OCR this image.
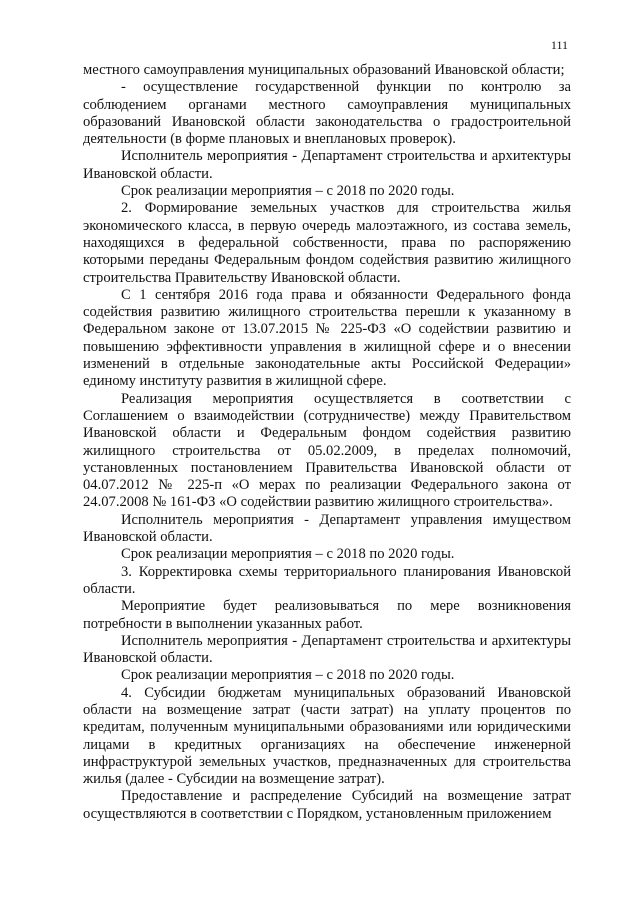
111

местного самоуправления муниципальных образований Ивановской области;

- осуществление государственной функции по контролю за соблюдением органами местного самоуправления муниципальных образований Ивановской области законодательства о градостроительной деятельности (в форме плановых и внеплановых проверок).

Исполнитель мероприятия - Департамент строительства и архитектуры Ивановской области.

Срок реализации мероприятия – с 2018 по 2020 годы.

2. Формирование земельных участков для строительства жилья экономического класса, в первую очередь малоэтажного, из состава земель, находящихся в федеральной собственности, права по распоряжению которыми переданы Федеральным фондом содействия развитию жилищного строительства Правительству Ивановской области.

С 1 сентября 2016 года права и обязанности Федерального фонда содействия развитию жилищного строительства перешли к указанному в Федеральном законе от 13.07.2015 № 225-ФЗ «О содействии развитию и повышению эффективности управления в жилищной сфере и о внесении изменений в отдельные законодательные акты Российской Федерации» единому институту развития в жилищной сфере.

Реализация мероприятия осуществляется в соответствии с Соглашением о взаимодействии (сотрудничестве) между Правительством Ивановской области и Федеральным фондом содействия развитию жилищного строительства от 05.02.2009, в пределах полномочий, установленных постановлением Правительства Ивановской области от 04.07.2012 № 225-п «О мерах по реализации Федерального закона от 24.07.2008 № 161-ФЗ «О содействии развитию жилищного строительства».

Исполнитель мероприятия - Департамент управления имуществом Ивановской области.

Срок реализации мероприятия – с 2018 по 2020 годы.

3. Корректировка схемы территориального планирования Ивановской области.

Мероприятие будет реализовываться по мере возникновения потребности в выполнении указанных работ.

Исполнитель мероприятия - Департамент строительства и архитектуры Ивановской области.

Срок реализации мероприятия – с 2018 по 2020 годы.

4. Субсидии бюджетам муниципальных образований Ивановской области на возмещение затрат (части затрат) на уплату процентов по кредитам, полученным муниципальными образованиями или юридическими лицами в кредитных организациях на обеспечение инженерной инфраструктурой земельных участков, предназначенных для строительства жилья (далее - Субсидии на возмещение затрат).

Предоставление и распределение Субсидий на возмещение затрат осуществляются в соответствии с Порядком, установленным приложением
